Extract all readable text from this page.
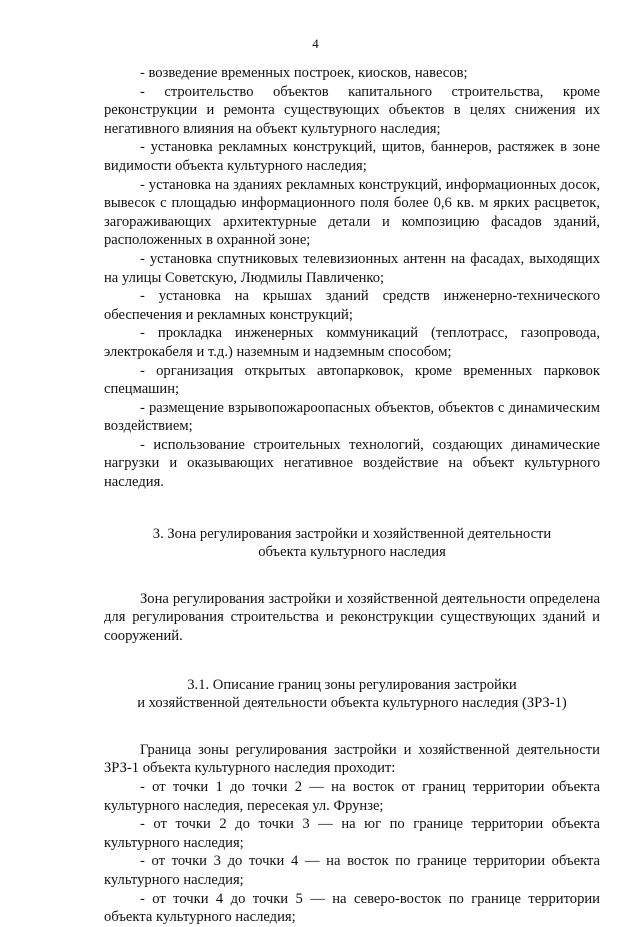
4

- возведение временных построек, киосков, навесов;

- строительство объектов капитального строительства, кроме реконструкции и ремонта существующих объектов в целях снижения их негативного влияния на объект культурного наследия;

- установка рекламных конструкций, щитов, баннеров, растяжек в зоне видимости объекта культурного наследия;

- установка на зданиях рекламных конструкций, информационных досок, вывесок с площадью информационного поля более 0,6 кв. м ярких расцветок, загораживающих архитектурные детали и композицию фасадов зданий, расположенных в охранной зоне;

- установка спутниковых телевизионных антенн на фасадах, выходящих на улицы Советскую, Людмилы Павличенко;

- установка на крышах зданий средств инженерно-технического обеспечения и рекламных конструкций;

- прокладка инженерных коммуникаций (теплотрасс, газопровода, электрокабеля и т.д.) наземным и надземным способом;

- организация открытых автопарковок, кроме временных парковок спецмашин;

- размещение взрывопожароопасных объектов, объектов с динамическим воздействием;

- использование строительных технологий, создающих динамические нагрузки и оказывающих негативное воздействие на объект культурного наследия.

3. Зона регулирования застройки и хозяйственной деятельности

объекта культурного наследия

Зона регулирования застройки и хозяйственной деятельности определена для регулирования строительства и реконструкции существующих зданий и сооружений.

3.1. Описание границ зоны регулирования застройки

и хозяйственной деятельности объекта культурного наследия (ЗРЗ-1)

Граница зоны регулирования застройки и хозяйственной деятельности ЗРЗ-1 объекта культурного наследия проходит:

- от точки 1 до точки 2 — на восток от границ территории объекта культурного наследия, пересекая ул. Фрунзе;

- от точки 2 до точки 3 — на юг по границе территории объекта культурного наследия;

- от точки 3 до точки 4 — на восток по границе территории объекта культурного наследия;

- от точки 4 до точки 5 — на северо-восток по границе территории объекта культурного наследия;
